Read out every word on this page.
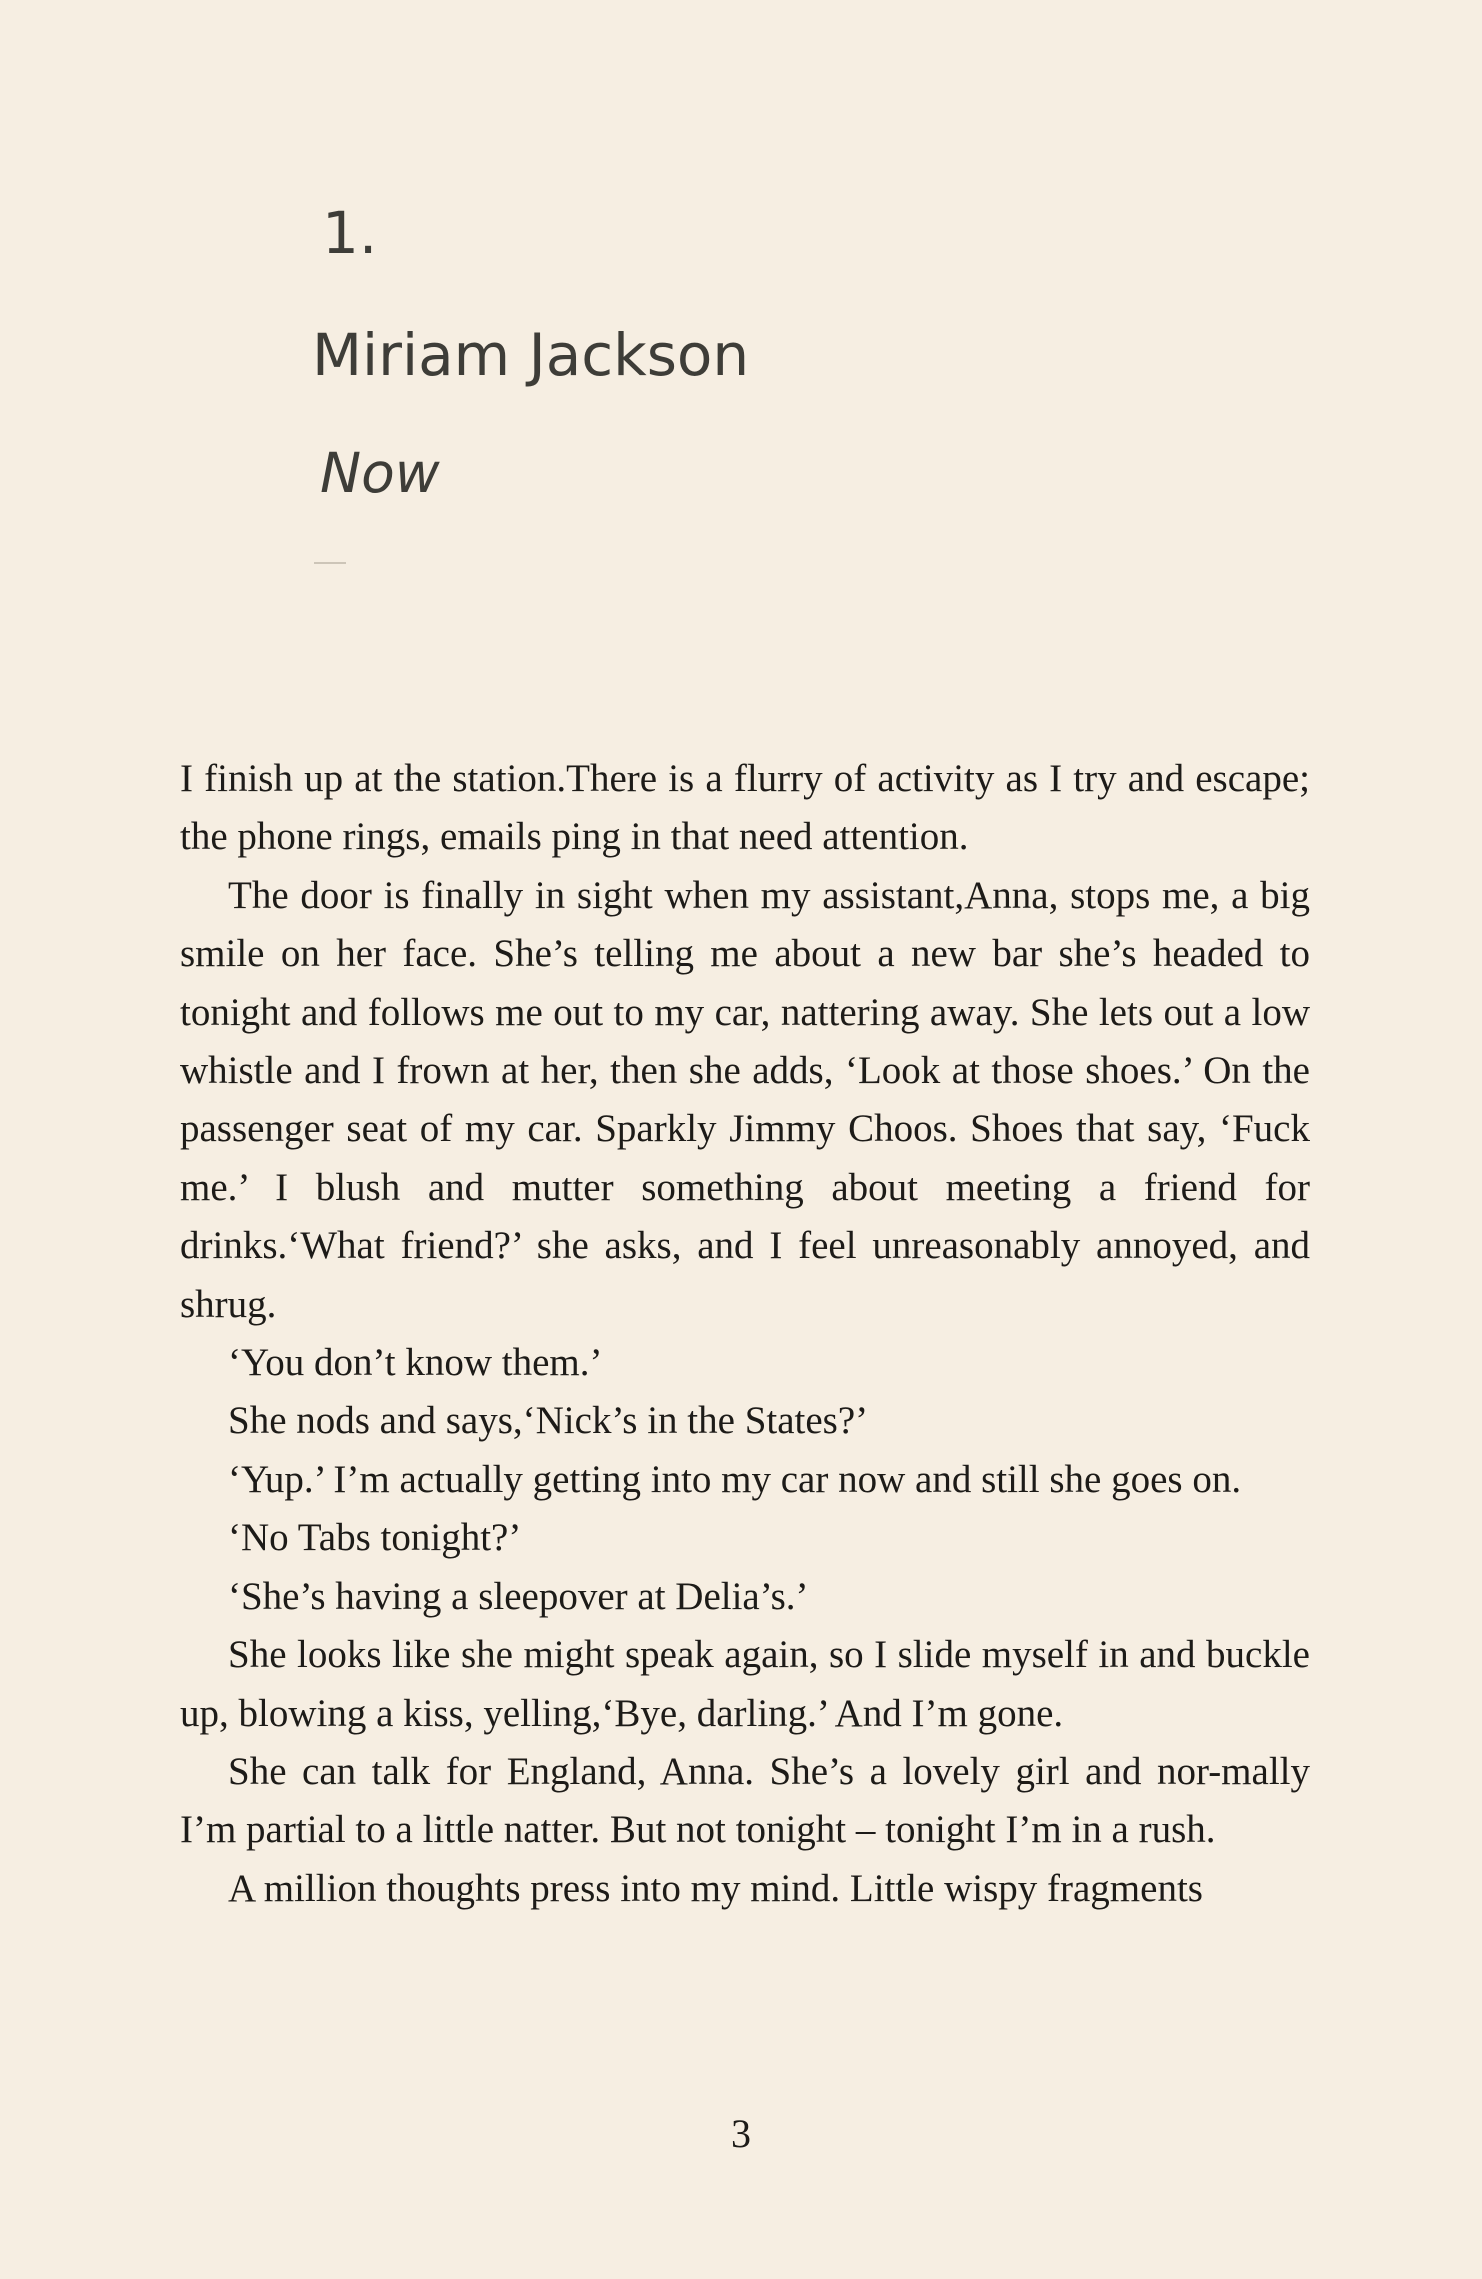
1.
Miriam Jackson
Now

I finish up at the station.There is a flurry of activity as I try and escape; the phone rings, emails ping in that need attention.

The door is finally in sight when my assistant,Anna, stops me, a big smile on her face. She’s telling me about a new bar she’s headed to tonight and follows me out to my car, nattering away. She lets out a low whistle and I frown at her, then she adds, ‘Look at those shoes.’ On the passenger seat of my car. Sparkly Jimmy Choos. Shoes that say, ‘Fuck me.’ I blush and mutter something about meeting a friend for drinks.‘What friend?’ she asks, and I feel unreasonably annoyed, and shrug.

‘You don’t know them.’

She nods and says,‘Nick’s in the States?’

‘Yup.’ I’m actually getting into my car now and still she goes on.

‘No Tabs tonight?’

‘She’s having a sleepover at Delia’s.’

She looks like she might speak again, so I slide myself in and buckle up, blowing a kiss, yelling,‘Bye, darling.’ And I’m gone.

She can talk for England, Anna. She’s a lovely girl and nor-mally I’m partial to a little natter. But not tonight – tonight I’m in a rush.

A million thoughts press into my mind. Little wispy fragments

3
